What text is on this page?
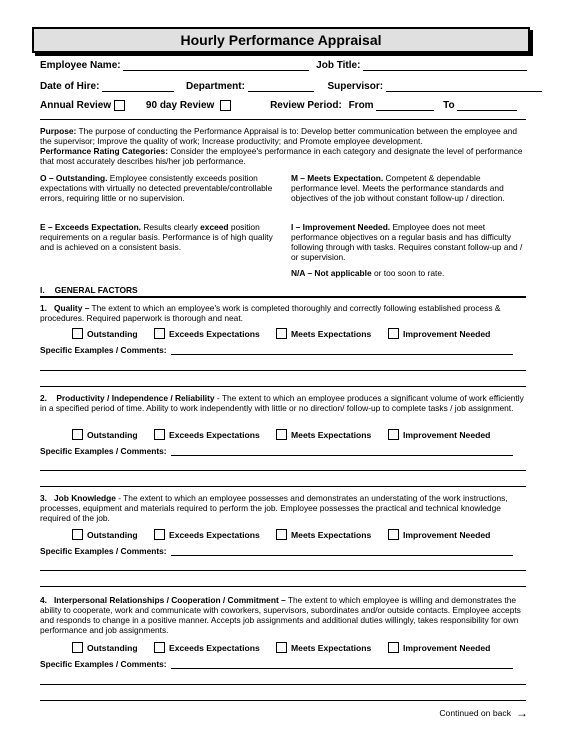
Hourly Performance Appraisal
Employee Name:	Job Title:
Date of Hire:	Department:	Supervisor:
Annual Review	90 day Review	Review Period: From	To
Purpose: The purpose of conducting the Performance Appraisal is to: Develop better communication between the employee and the supervisor; Improve the quality of work; Increase productivity; and Promote employee development.
Performance Rating Categories: Consider the employee's performance in each category and designate the level of performance that most accurately describes his/her job performance.
O – Outstanding. Employee consistently exceeds position expectations with virtually no detected preventable/controllable errors, requiring little or no supervision.
E – Exceeds Expectation. Results clearly exceed position requirements on a regular basis. Performance is of high quality and is achieved on a consistent basis.
M – Meets Expectation. Competent & dependable performance level. Meets the performance standards and objectives of the job without constant follow-up / direction.
I – Improvement Needed. Employee does not meet performance objectives on a regular basis and has difficulty following through with tasks. Requires constant follow-up and / or supervision.
N/A – Not applicable or too soon to rate.
I. GENERAL FACTORS
1. Quality – The extent to which an employee's work is completed thoroughly and correctly following established process & procedures. Required paperwork is thorough and neat.
Outstanding	Exceeds Expectations	Meets Expectations	Improvement Needed
Specific Examples / Comments:
2. Productivity / Independence / Reliability - The extent to which an employee produces a significant volume of work efficiently in a specified period of time. Ability to work independently with little or no direction/ follow-up to complete tasks / job assignment.
Outstanding	Exceeds Expectations	Meets Expectations	Improvement Needed
Specific Examples / Comments:
3. Job Knowledge - The extent to which an employee possesses and demonstrates an understating of the work instructions, processes, equipment and materials required to perform the job. Employee possesses the practical and technical knowledge required of the job.
Outstanding	Exceeds Expectations	Meets Expectations	Improvement Needed
Specific Examples / Comments:
4. Interpersonal Relationships / Cooperation / Commitment – The extent to which employee is willing and demonstrates the ability to cooperate, work and communicate with coworkers, supervisors, subordinates and/or outside contacts. Employee accepts and responds to change in a positive manner. Accepts job assignments and additional duties willingly, takes responsibility for own performance and job assignments.
Outstanding	Exceeds Expectations	Meets Expectations	Improvement Needed
Specific Examples / Comments:
Continued on back →
